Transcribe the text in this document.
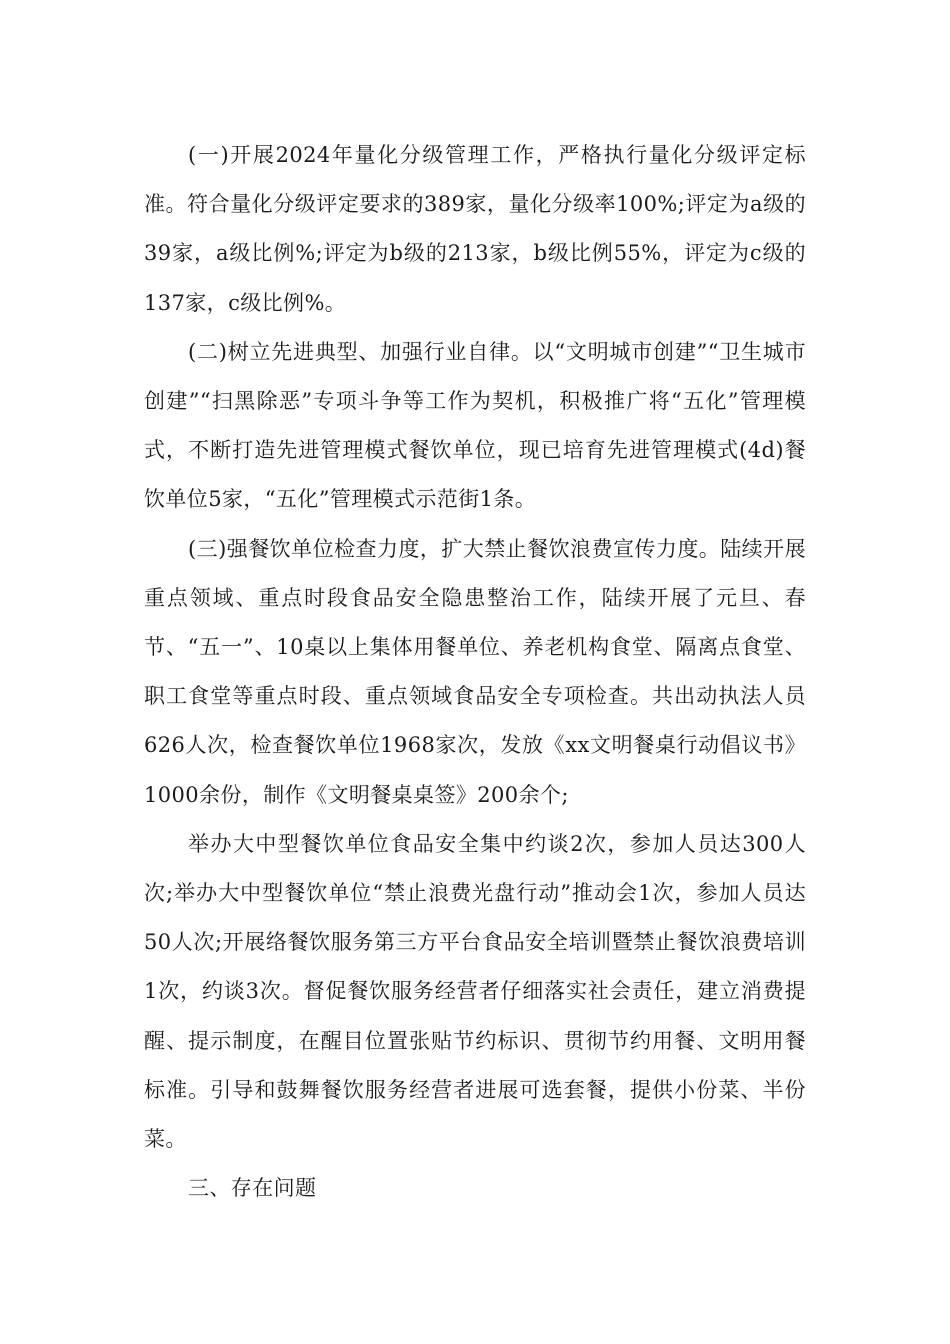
(一)开展2024年量化分级管理工作，严格执行量化分级评定标准。符合量化分级评定要求的389家，量化分级率100%;评定为a级的39家，a级比例%;评定为b级的213家，b级比例55%，评定为c级的137家，c级比例%。

(二)树立先进典型、加强行业自律。以“文明城市创建”“卫生城市创建”“扫黑除恶”专项斗争等工作为契机，积极推广将“五化”管理模式，不断打造先进管理模式餐饮单位，现已培育先进管理模式(4d)餐饮单位5家，“五化”管理模式示范街1条。

(三)强餐饮单位检查力度，扩大禁止餐饮浪费宣传力度。陆续开展重点领域、重点时段食品安全隐患整治工作，陆续开展了元旦、春节、“五一”、10桌以上集体用餐单位、养老机构食堂、隔离点食堂、职工食堂等重点时段、重点领域食品安全专项检查。共出动执法人员626人次，检查餐饮单位1968家次，发放《xx文明餐桌行动倡议书》1000余份，制作《文明餐桌桌签》200余个;

举办大中型餐饮单位食品安全集中约谈2次，参加人员达300人次;举办大中型餐饮单位“禁止浪费光盘行动”推动会1次，参加人员达50人次;开展络餐饮服务第三方平台食品安全培训暨禁止餐饮浪费培训1次，约谈3次。督促餐饮服务经营者仔细落实社会责任，建立消费提醒、提示制度，在醒目位置张贴节约标识、贯彻节约用餐、文明用餐标准。引导和鼓舞餐饮服务经营者进展可选套餐，提供小份菜、半份菜。

三、存在问题
